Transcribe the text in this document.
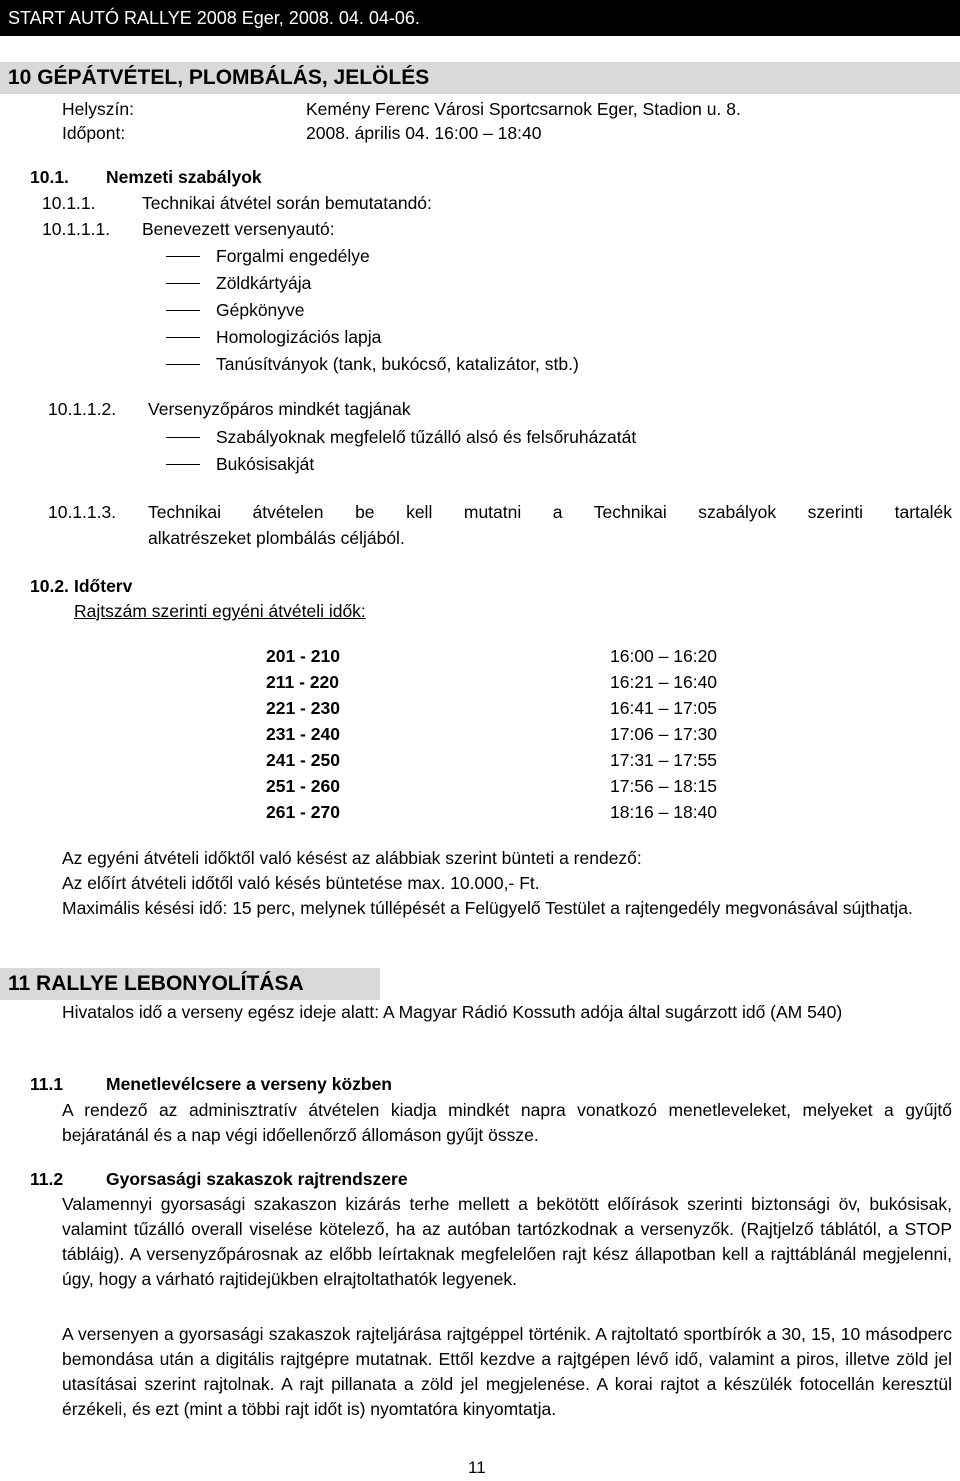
START AUTÓ RALLYE 2008 Eger, 2008. 04. 04-06.
10 GÉPÁTVÉTEL, PLOMBÁLÁS, JELÖLÉS
Helyszín:	Kemény Ferenc Városi Sportcsarnok Eger, Stadion u. 8.
Időpont:	2008. április 04. 16:00 – 18:40
10.1. Nemzeti szabályok
10.1.1.	Technikai átvétel során bemutatandó:
10.1.1.1. Benevezett versenyautó:
Forgalmi engedélye
Zöldkártyája
Gépkönyve
Homologizációs lapja
Tanúsítványok (tank, bukócső, katalizátor, stb.)
10.1.1.2. Versenyzőpáros mindkét tagjának
Szabályoknak megfelelő tűzálló alsó és felsőruházatát
Bukósisakját
10.1.1.3. Technikai átvételen be kell mutatni a Technikai szabályok szerinti tartalék
alkatrészeket plombálás céljából.
10.2. Időterv
Rajtszám szerinti egyéni átvételi idők:
201 - 210	16:00 – 16:20
211 - 220	16:21 – 16:40
221 - 230	16:41 – 17:05
231 - 240	17:06 – 17:30
241 - 250	17:31 – 17:55
251 - 260	17:56 – 18:15
261 - 270	18:16 – 18:40
Az egyéni átvételi időktől való késést az alábbiak szerint bünteti a rendező:
Az előírt átvételi időtől való késés büntetése max. 10.000,- Ft.
Maximális késési idő: 15 perc, melynek túllépését a Felügyelő Testület a rajtengedély megvonásával sújthatja.
11 RALLYE LEBONYOLÍTÁSA
Hivatalos idő a verseny egész ideje alatt: A Magyar Rádió Kossuth adója által sugárzott idő (AM 540)
11.1 Menetlevélcsere a verseny közben
A rendező az adminisztratív átvételen kiadja mindkét napra vonatkozó menetleveleket, melyeket a gyűjtő bejáratánál és a nap végi időellenőrző állomáson gyűjt össze.
11.2 Gyorsasági szakaszok rajtrendszere
Valamennyi gyorsasági szakaszon kizárás terhe mellett a bekötött előírások szerinti biztonsági öv, bukósisak, valamint tűzálló overall viselése kötelező, ha az autóban tartózkodnak a versenyzők. (Rajtjelző táblától, a STOP tábláig). A versenyzőpárosnak az előbb leírtaknak megfelelően rajt kész állapotban kell a rajttáblánál megjelenni, úgy, hogy a várható rajtidejükben elrajtoltathatók legyenek.
A versenyen a gyorsasági szakaszok rajteljárása rajtgéppel történik. A rajtoltató sportbírók a 30, 15, 10 másodperc bemondása után a digitális rajtgépre mutatnak. Ettől kezdve a rajtgépen lévő idő, valamint a piros, illetve zöld jel utasításai szerint rajtolnak. A rajt pillanata a zöld jel megjelenése. A korai rajtot a készülék fotocellán keresztül érzékeli, és ezt (mint a többi rajt időt is) nyomtatóra kinyomtatja.
11
